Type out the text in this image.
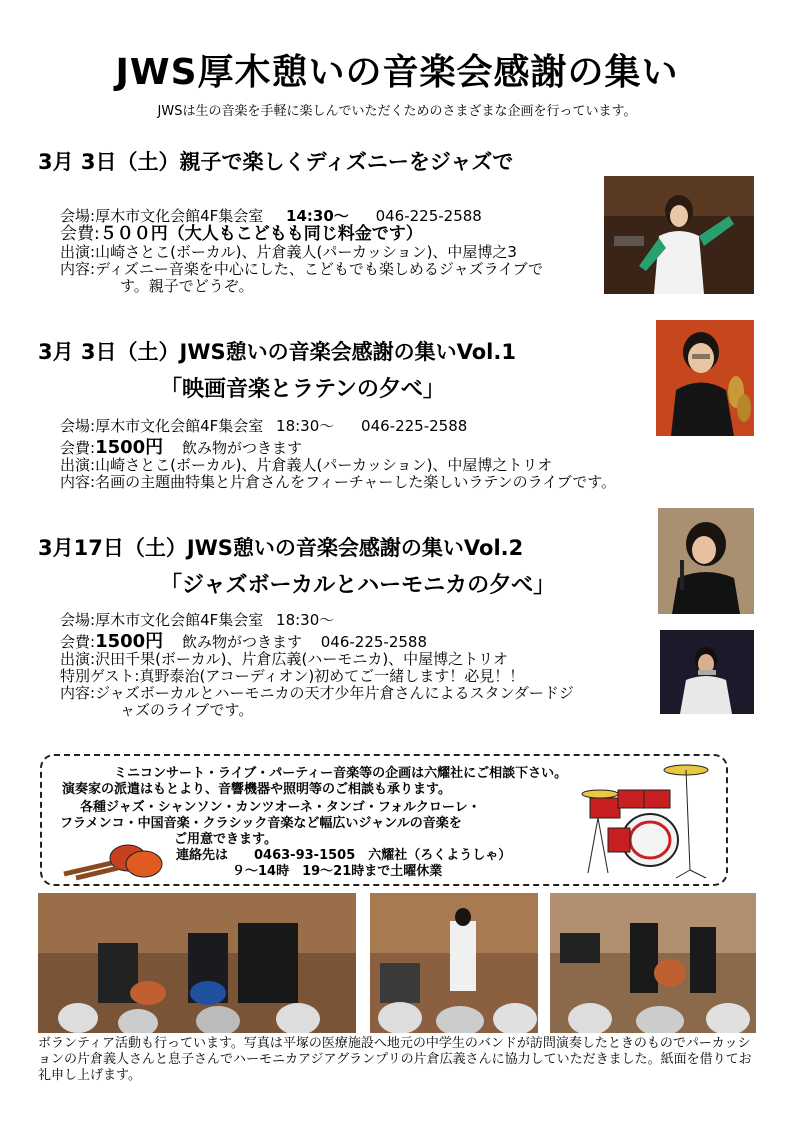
JWS厚木憩いの音楽会感謝の集い
JWSは生の音楽を手軽に楽しんでいただくためのさまざまな企画を行っています。
3月 3日（土）親子で楽しくディズニーをジャズで
会場:厚木市文化会館4F集会室 14:30〜 046-225-2588
会費:５００円（大人もこどもも同じ料金です）
出演:山崎さとこ(ボーカル)、片倉義人(パーカッション)、中屋博之3
内容:ディズニー音楽を中心にした、こどもでも楽しめるジャズライブで
す。親子でどうぞ。
3月 3日（土）JWS憩いの音楽会感謝の集いVol.1
「映画音楽とラテンの夕べ」
会場:厚木市文化会館4F集会室 18:30〜 046-225-2588
会費:1500円 飲み物がつきます
出演:山崎さとこ(ボーカル)、片倉義人(パーカッション)、中屋博之トリオ
内容:名画の主題曲特集と片倉さんをフィーチャーした楽しいラテンのライブです。
3月17日（土）JWS憩いの音楽会感謝の集いVol.2
「ジャズボーカルとハーモニカの夕べ」
会場:厚木市文化会館4F集会室 18:30〜
会費:1500円 飲み物がつきます 046-225-2588
出演:沢田千果(ボーカル)、片倉広義(ハーモニカ)、中屋博之トリオ
特別ゲスト:真野泰治(アコーディオン)初めてご一緒します！必見！！
内容:ジャズボーカルとハーモニカの天才少年片倉さんによるスタンダードジ
ャズのライブです。
ミニコンサート・ライブ・パーティー音楽等の企画は六耀社にご相談下さい。
演奏家の派遣はもとより、音響機器や照明等のご相談も承ります。
各種ジャズ・シャンソン・カンツオーネ・タンゴ・フォルクローレ・
フラメンコ・中国音楽・クラシック音楽など幅広いジャンルの音楽を
ご用意できます。
連絡先は　　0463-93-1505　六耀社（ろくようしゃ）
９〜14時　19〜21時まで土曜休業
ボランティア活動も行っています。写真は平塚の医療施設へ地元の中学生のバンドが訪問演奏したときのものでパーカッションの片倉義人さんと息子さんでハーモニカアジアグランプリの片倉広義さんに協力していただきました。紙面を借りてお礼申し上げます。
